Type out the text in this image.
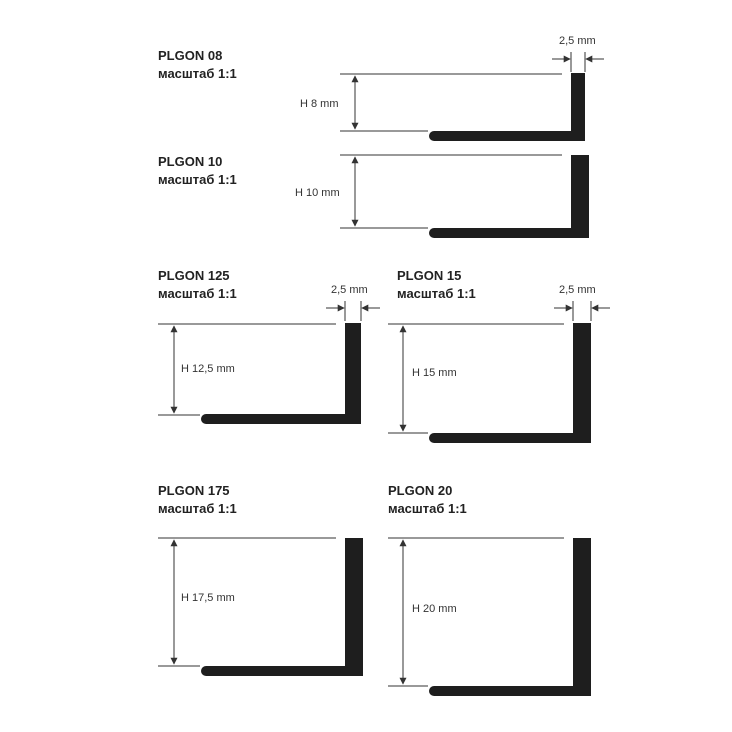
PLGON 08
масштаб 1:1
H 8 mm
2,5 mm
PLGON 10
масштаб 1:1
H 10 mm
PLGON 125
масштаб 1:1
H 12,5 mm
2,5 mm
PLGON 15
масштаб 1:1
H 15 mm
2,5 mm
PLGON 175
масштаб 1:1
H 17,5 mm
PLGON 20
масштаб 1:1
H 20 mm
